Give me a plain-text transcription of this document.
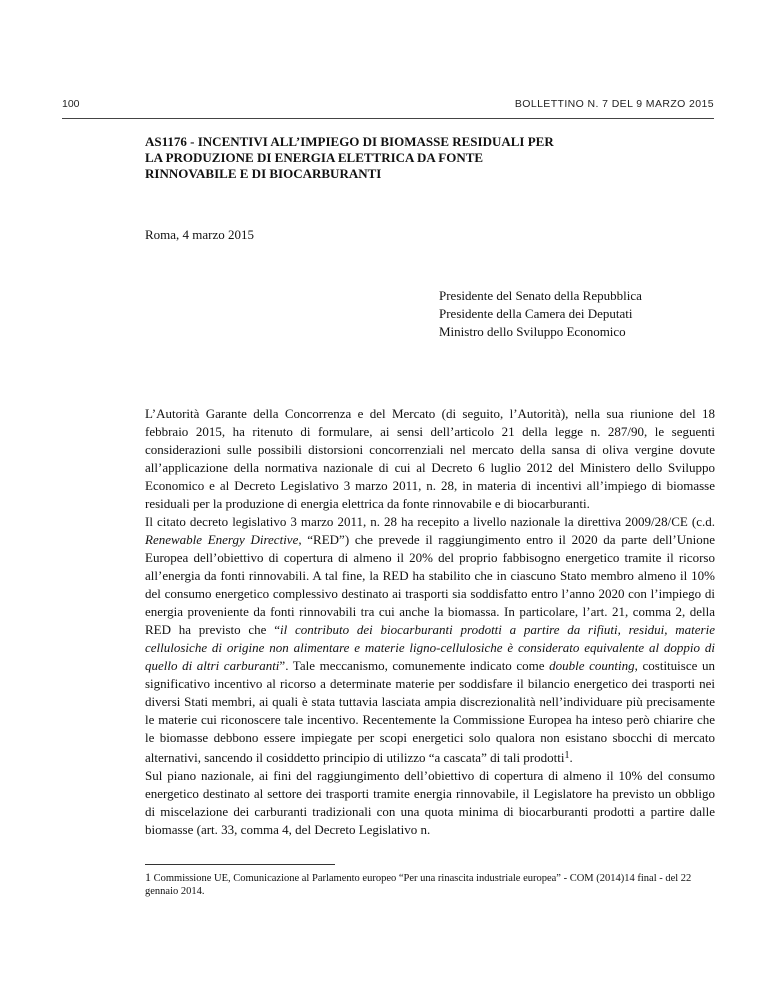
100	BOLLETTINO N. 7 DEL 9 MARZO 2015
AS1176 - INCENTIVI ALL’IMPIEGO DI BIOMASSE RESIDUALI PER LA PRODUZIONE DI ENERGIA ELETTRICA DA FONTE RINNOVABILE E DI BIOCARBURANTI

Roma, 4 marzo 2015

Presidente del Senato della Repubblica
Presidente della Camera dei Deputati
Ministro dello Sviluppo Economico

L’Autorità Garante della Concorrenza e del Mercato (di seguito, l’Autorità), nella sua riunione del 18 febbraio 2015, ha ritenuto di formulare, ai sensi dell’articolo 21 della legge n. 287/90, le seguenti considerazioni sulle possibili distorsioni concorrenziali nel mercato della sansa di oliva vergine dovute all’applicazione della normativa nazionale di cui al Decreto 6 luglio 2012 del Ministero dello Sviluppo Economico e al Decreto Legislativo 3 marzo 2011, n. 28, in materia di incentivi all’impiego di biomasse residuali per la produzione di energia elettrica da fonte rinnovabile e di biocarburanti.

Il citato decreto legislativo 3 marzo 2011, n. 28 ha recepito a livello nazionale la direttiva 2009/28/CE (c.d. Renewable Energy Directive, “RED”) che prevede il raggiungimento entro il 2020 da parte dell’Unione Europea dell’obiettivo di copertura di almeno il 20% del proprio fabbisogno energetico tramite il ricorso all’energia da fonti rinnovabili. A tal fine, la RED ha stabilito che in ciascuno Stato membro almeno il 10% del consumo energetico complessivo destinato ai trasporti sia soddisfatto entro l’anno 2020 con l’impiego di energia proveniente da fonti rinnovabili tra cui anche la biomassa. In particolare, l’art. 21, comma 2, della RED ha previsto che “il contributo dei biocarburanti prodotti a partire da rifiuti, residui, materie cellulosiche di origine non alimentare e materie ligno-cellulosiche è considerato equivalente al doppio di quello di altri carburanti”. Tale meccanismo, comunemente indicato come double counting, costituisce un significativo incentivo al ricorso a determinate materie per soddisfare il bilancio energetico dei trasporti nei diversi Stati membri, ai quali è stata tuttavia lasciata ampia discrezionalità nell’individuare più precisamente le materie cui riconoscere tale incentivo. Recentemente la Commissione Europea ha inteso però chiarire che le biomasse debbono essere impiegate per scopi energetici solo qualora non esistano sbocchi di mercato alternativi, sancendo il cosiddetto principio di utilizzo “a cascata” di tali prodotti$^1$.

Sul piano nazionale, ai fini del raggiungimento dell’obiettivo di copertura di almeno il 10% del consumo energetico destinato al settore dei trasporti tramite energia rinnovabile, il Legislatore ha previsto un obbligo di miscelazione dei carburanti tradizionali con una quota minima di biocarburanti prodotti a partire dalle biomasse (art. 33, comma 4, del Decreto Legislativo n.

1 Commissione UE, Comunicazione al Parlamento europeo “Per una rinascita industriale europea” - COM (2014)14 final - del 22 gennaio 2014.
